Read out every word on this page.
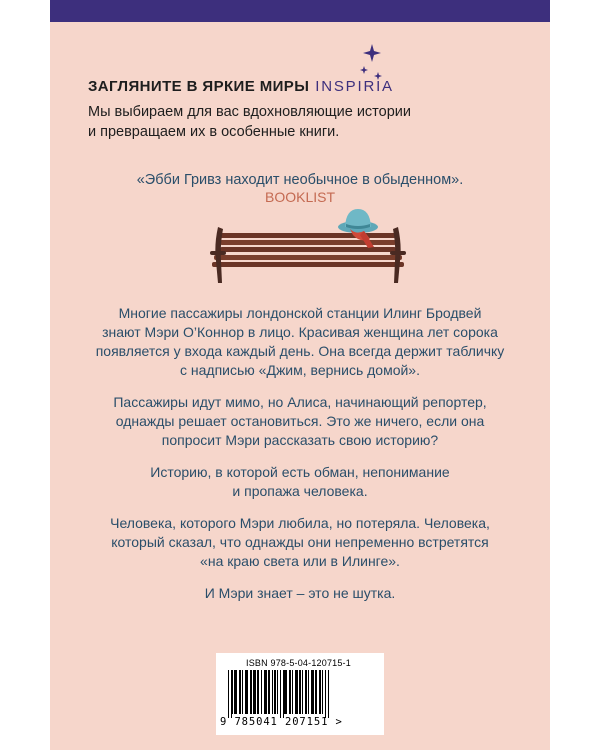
ЗАГЛЯНИТЕ В ЯРКИЕ МИРЫ INSPIRIA
Мы выбираем для вас вдохновляющие истории
и превращаем их в особенные книги.
«Эбби Гривз находит необычное в обыденном».
BOOKLIST
Многие пассажиры лондонской станции Илинг Бродвей
знают Мэри О’Коннор в лицо. Красивая женщина лет сорока
появляется у входа каждый день. Она всегда держит табличку
с надписью «Джим, вернись домой».
Пассажиры идут мимо, но Алиса, начинающий репортер,
однажды решает остановиться. Это же ничего, если она
попросит Мэри рассказать свою историю?
Историю, в которой есть обман, непонимание
и пропажа человека.
Человека, которого Мэри любила, но потеряла. Человека,
который сказал, что однажды они непременно встретятся
«на краю света или в Илинге».
И Мэри знает – это не шутка.
ISBN 978-5-04-120715-1
9 785041 207151 >
